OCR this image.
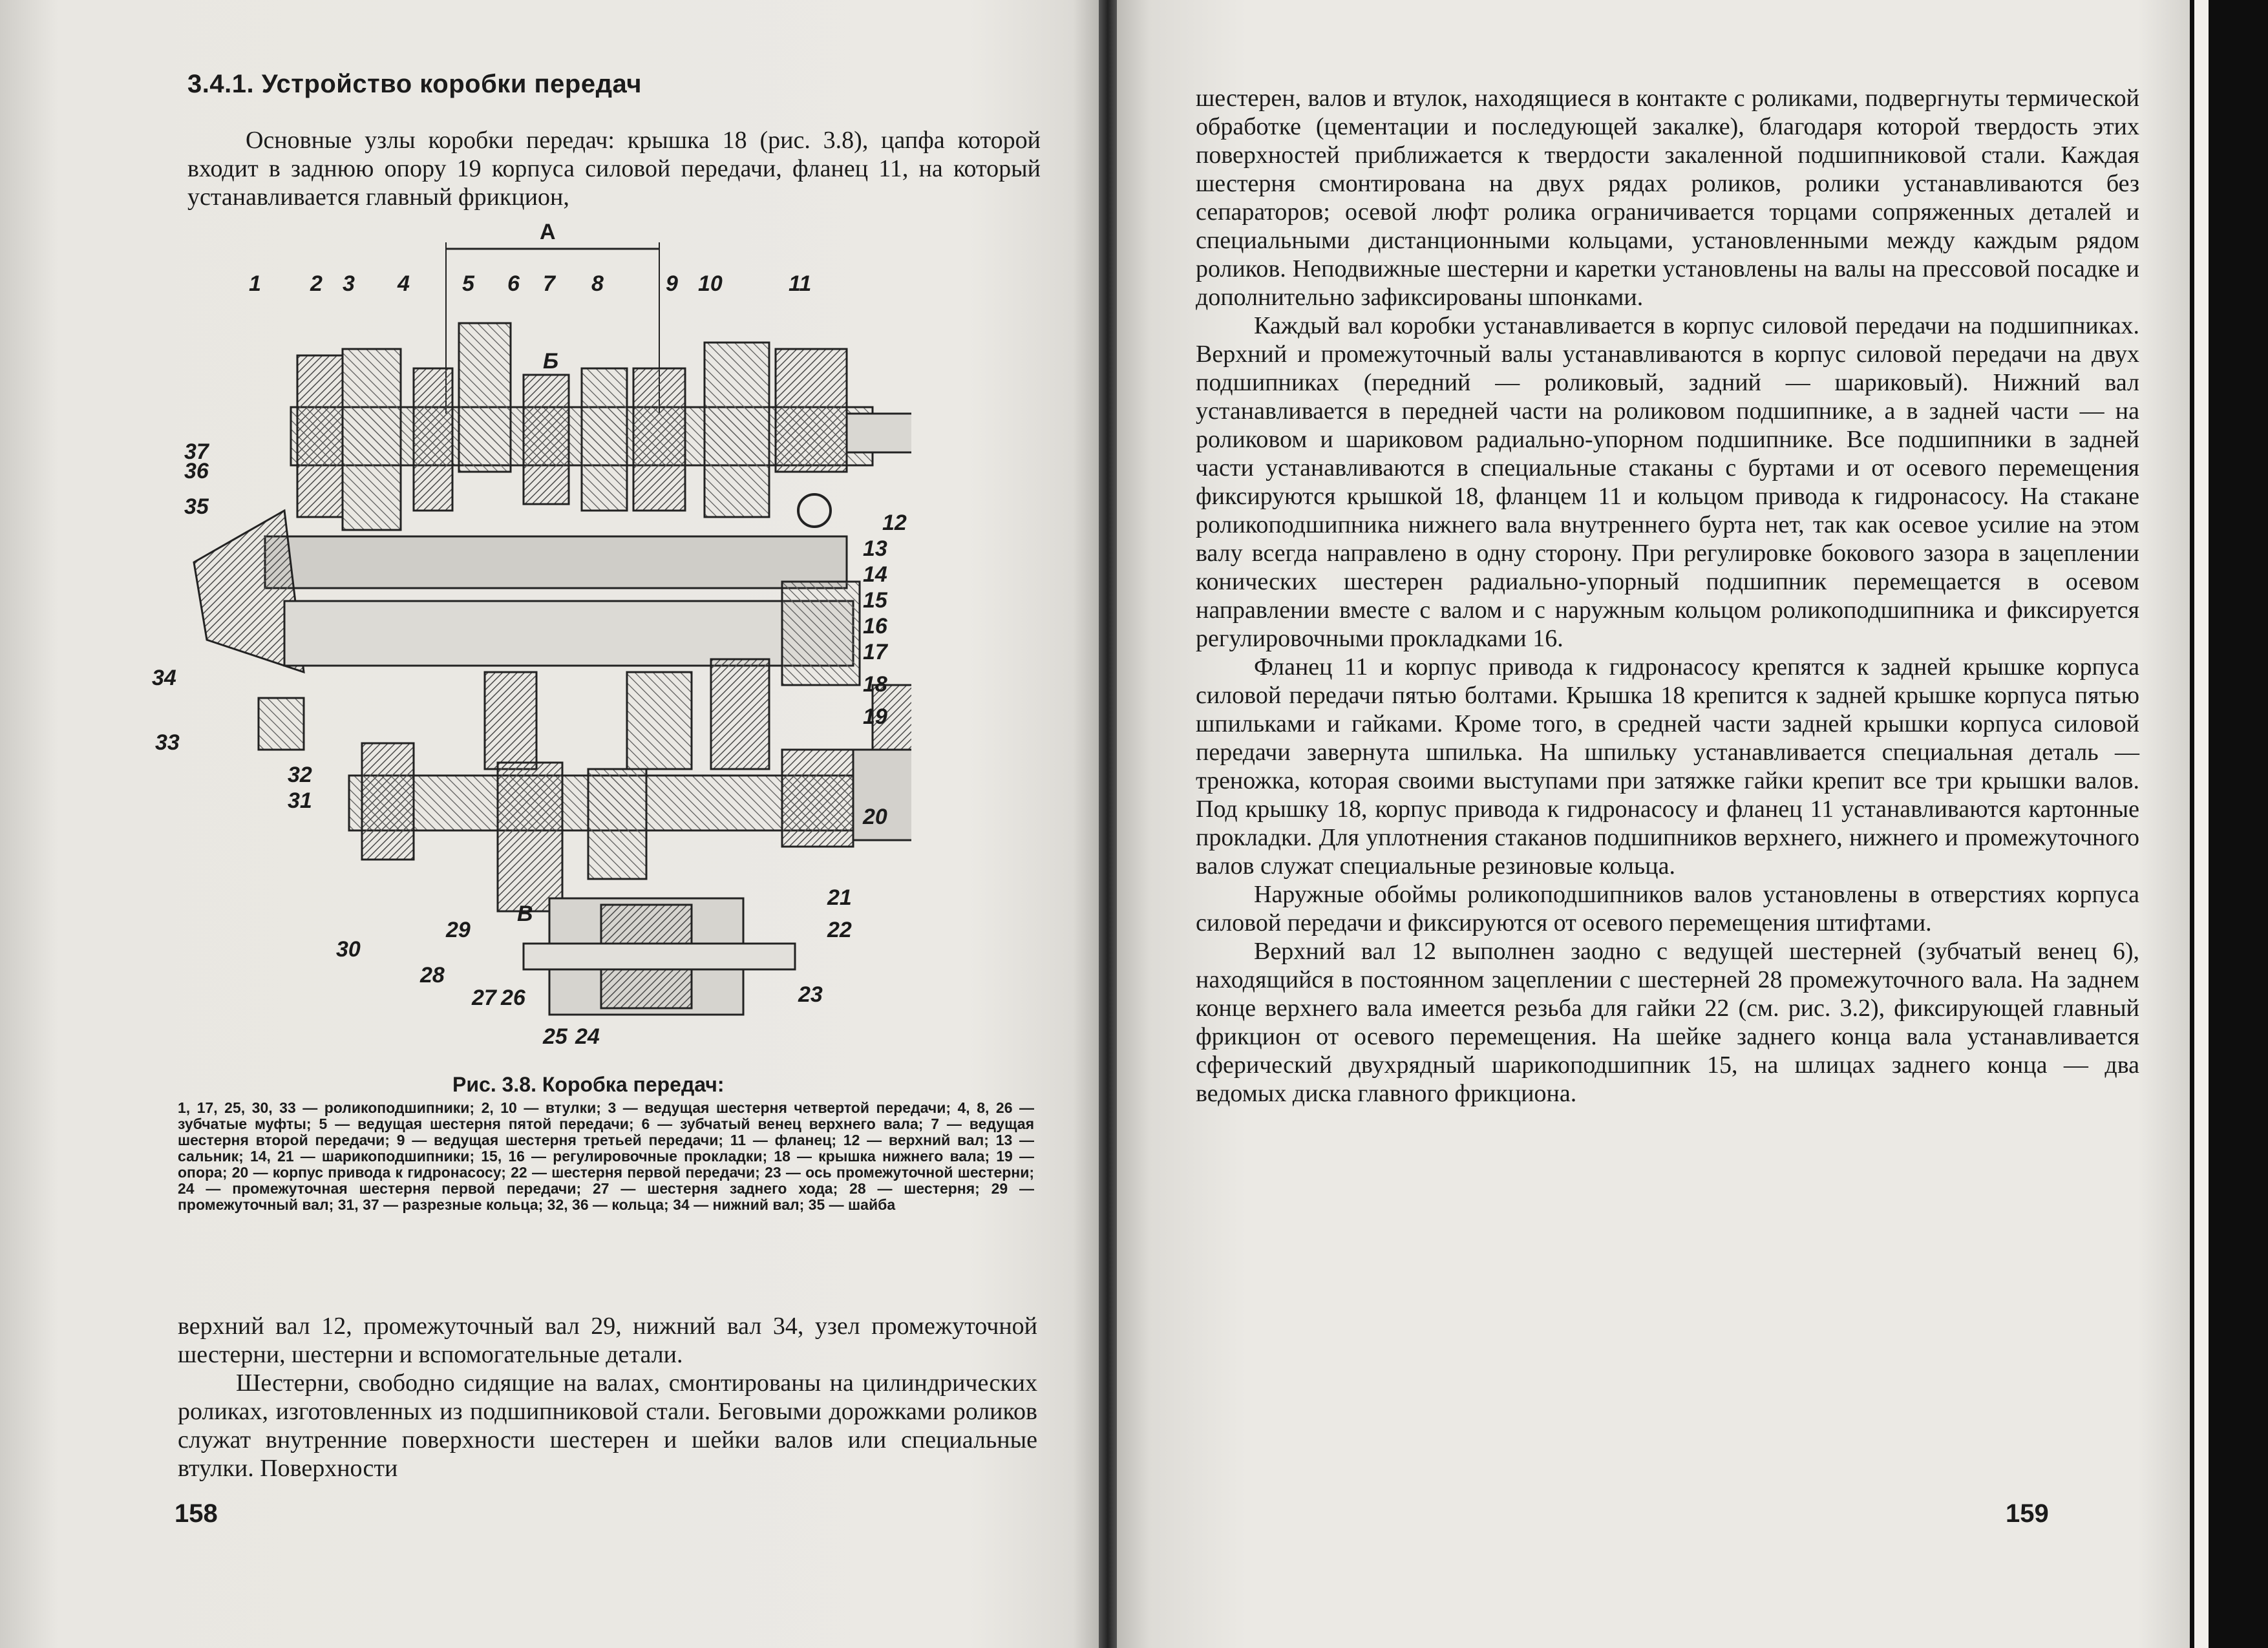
3.4.1. Устройство коробки передач

Основные узлы коробки передач: крышка 18 (рис. 3.8), цапфа которой входит в заднюю опору 19 корпуса силовой передачи, фланец 11, на который устанавливается главный фрикцион,

А
1 2 3 4 5 6 7 8	9 10	11
12
13
14
15
16
17
18
19
20
21
22
23
24
25
26
27
28
29
30
31
32
33
34
35
36
37
Б
В
Рис. 3.8. Коробка передач:
1, 17, 25, 30, 33 — роликоподшипники; 2, 10 — втулки; 3 — ведущая шестерня четвертой передачи; 4, 8, 26 — зубчатые муфты; 5 — ведущая шестерня пятой передачи; 6 — зубчатый венец верхнего вала; 7 — ведущая шестерня второй передачи; 9 — ведущая шестерня третьей передачи; 11 — фланец; 12 — верхний вал; 13 — сальник; 14, 21 — шарикоподшипники; 15, 16 — регулировочные прокладки; 18 — крышка нижнего вала; 19 — опора; 20 — корпус привода к гидронасосу; 22 — шестерня первой передачи; 23 — ось промежуточной шестерни; 24 — промежуточная шестерня первой передачи; 27 — шестерня заднего хода; 28 — шестерня; 29 — промежуточный вал; 31, 37 — разрезные кольца; 32, 36 — кольца; 34 — нижний вал; 35 — шайба

верхний вал 12, промежуточный вал 29, нижний вал 34, узел промежуточной шестерни, шестерни и вспомогательные детали.

Шестерни, свободно сидящие на валах, смонтированы на цилиндрических роликах, изготовленных из подшипниковой стали. Беговыми дорожками роликов служат внутренние поверхности шестерен и шейки валов или специальные втулки. Поверхности

158

шестерен, валов и втулок, находящиеся в контакте с роликами, подвергнуты термической обработке (цементации и последующей закалке), благодаря которой твердость этих поверхностей приближается к твердости закаленной подшипниковой стали. Каждая шестерня смонтирована на двух рядах роликов, ролики устанавливаются без сепараторов; осевой люфт ролика ограничивается торцами сопряженных деталей и специальными дистанционными кольцами, установленными между каждым рядом роликов. Неподвижные шестерни и каретки установлены на валы на прессовой посадке и дополнительно зафиксированы шпонками.

Каждый вал коробки устанавливается в корпус силовой передачи на подшипниках. Верхний и промежуточный валы устанавливаются в корпус силовой передачи на двух подшипниках (передний — роликовый, задний — шариковый). Нижний вал устанавливается в передней части на роликовом подшипнике, а в задней части — на роликовом и шариковом радиально-упорном подшипнике. Все подшипники в задней части устанавливаются в специальные стаканы с буртами и от осевого перемещения фиксируются крышкой 18, фланцем 11 и кольцом привода к гидронасосу. На стакане роликоподшипника нижнего вала внутреннего бурта нет, так как осевое усилие на этом валу всегда направлено в одну сторону. При регулировке бокового зазора в зацеплении конических шестерен радиально-упорный подшипник перемещается в осевом направлении вместе с валом и с наружным кольцом роликоподшипника и фиксируется регулировочными прокладками 16.

Фланец 11 и корпус привода к гидронасосу крепятся к задней крышке корпуса силовой передачи пятью болтами. Крышка 18 крепится к задней крышке корпуса пятью шпильками и гайками. Кроме того, в средней части задней крышки корпуса силовой передачи завернута шпилька. На шпильку устанавливается специальная деталь — треножка, которая своими выступами при затяжке гайки крепит все три крышки валов. Под крышку 18, корпус привода к гидронасосу и фланец 11 устанавливаются картонные прокладки. Для уплотнения стаканов подшипников верхнего, нижнего и промежуточного валов служат специальные резиновые кольца.

Наружные обоймы роликоподшипников валов установлены в отверстиях корпуса силовой передачи и фиксируются от осевого перемещения штифтами.

Верхний вал 12 выполнен заодно с ведущей шестерней (зубчатый венец 6), находящийся в постоянном зацеплении с шестерней 28 промежуточного вала. На заднем конце верхнего вала имеется резьба для гайки 22 (см. рис. 3.2), фиксирующей главный фрикцион от осевого перемещения. На шейке заднего конца вала устанавливается сферический двухрядный шарикоподшипник 15, на шлицах заднего конца — два ведомых диска главного фрикциона.

159
